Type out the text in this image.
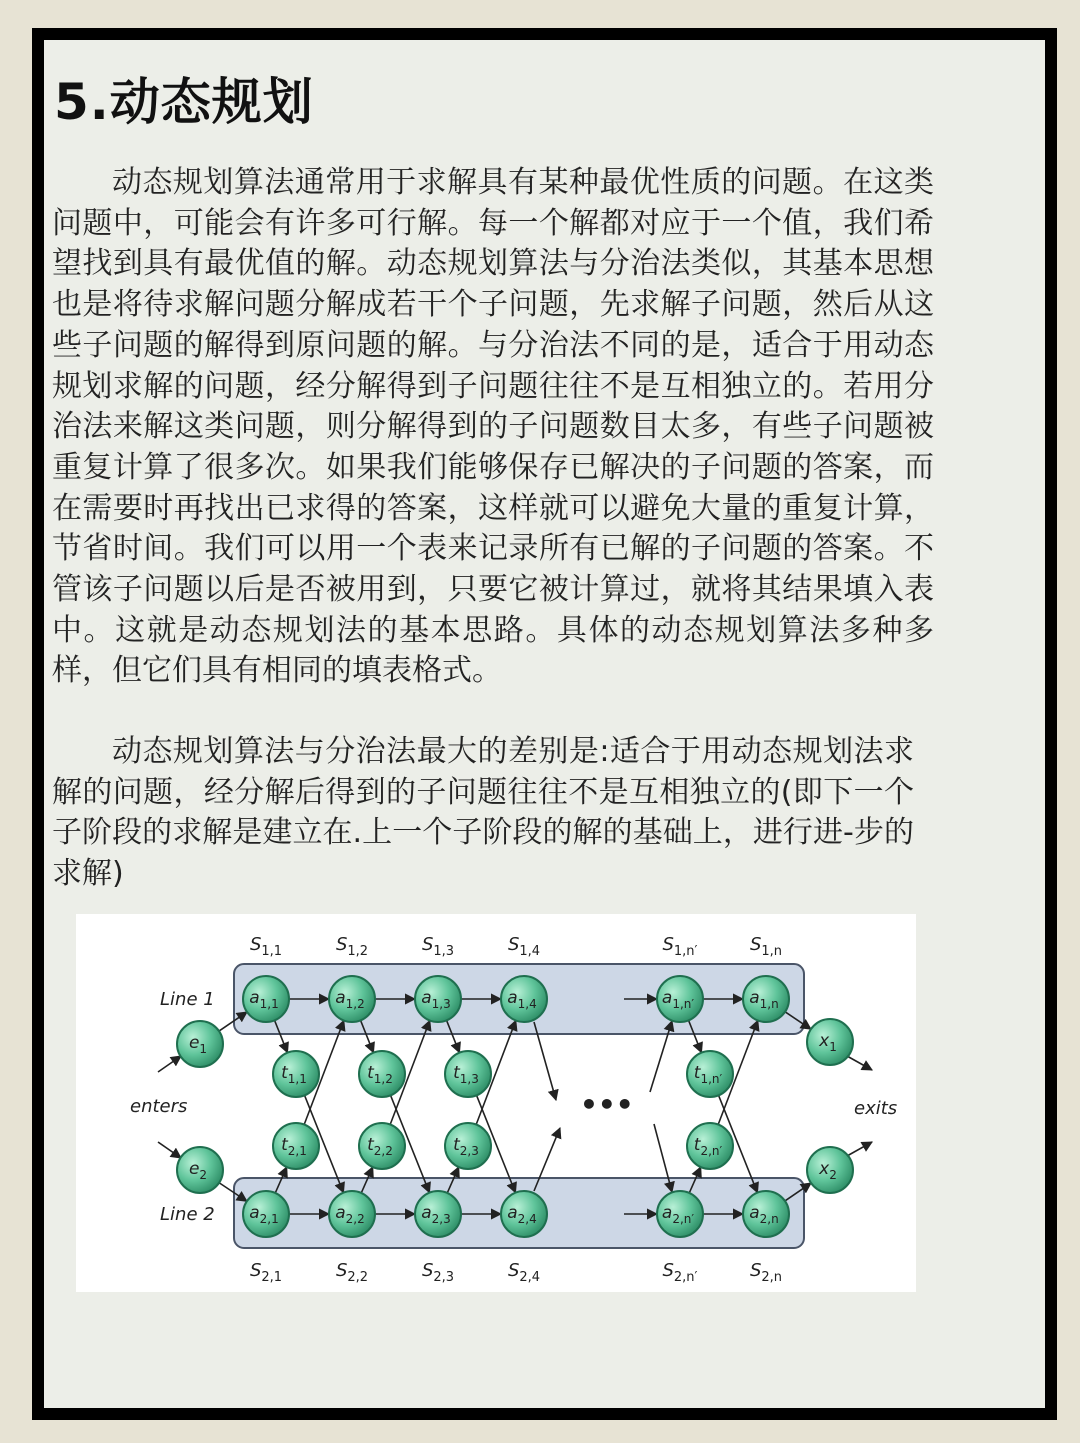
5.动态规划

动态规划算法通常用于求解具有某种最优性质的问题。在这类问题中，可能会有许多可行解。每一个解都对应于一个值，我们希望找到具有最优值的解。动态规划算法与分治法类似，其基本思想也是将待求解问题分解成若干个子问题，先求解子问题，然后从这些子问题的解得到原问题的解。与分治法不同的是，适合于用动态规划求解的问题，经分解得到子问题往往不是互相独立的。若用分治法来解这类问题，则分解得到的子问题数目太多，有些子问题被重复计算了很多次。如果我们能够保存已解决的子问题的答案，而在需要时再找出已求得的答案，这样就可以避免大量的重复计算，节省时间。我们可以用一个表来记录所有已解的子问题的答案。不管该子问题以后是否被用到，只要它被计算过，就将其结果填入表中。这就是动态规划法的基本思路。具体的动态规划算法多种多样，但它们具有相同的填表格式。

动态规划算法与分治法最大的差别是:适合于用动态规划法求解的问题，经分解后得到的子问题往往不是互相独立的(即下一个子阶段的求解是建立在.上一个子阶段的解的基础上，进行进-步的求解)

$a_{1,1}$	$a_{1,2}$	$a_{1,3}$	$a_{1,4}$	$a_{1,n'}$	$a_{1,n}$
$a_{2,1}$	$a_{2,2}$	$a_{2,3}$	$a_{2,4}$	$a_{2,n'}$	$a_{2,n}$
$t_{1,1}$	$t_{1,2}$	$t_{1,3}$	$t_{1,n'}$
$t_{2,1}$	$t_{2,2}$	$t_{2,3}$	$t_{2,n'}$
$e_1$
$e_2$
$x_1$
$x_2$
Line 1
Line 2
enters	exits
•••
$S_{1,1}$	$S_{1,2}$	$S_{1,3}$	$S_{1,4}$	$S_{1,n'}$	$S_{1,n}$
$S_{2,1}$	$S_{2,2}$	$S_{2,3}$	$S_{2,4}$	$S_{2,n'}$	$S_{2,n}$
